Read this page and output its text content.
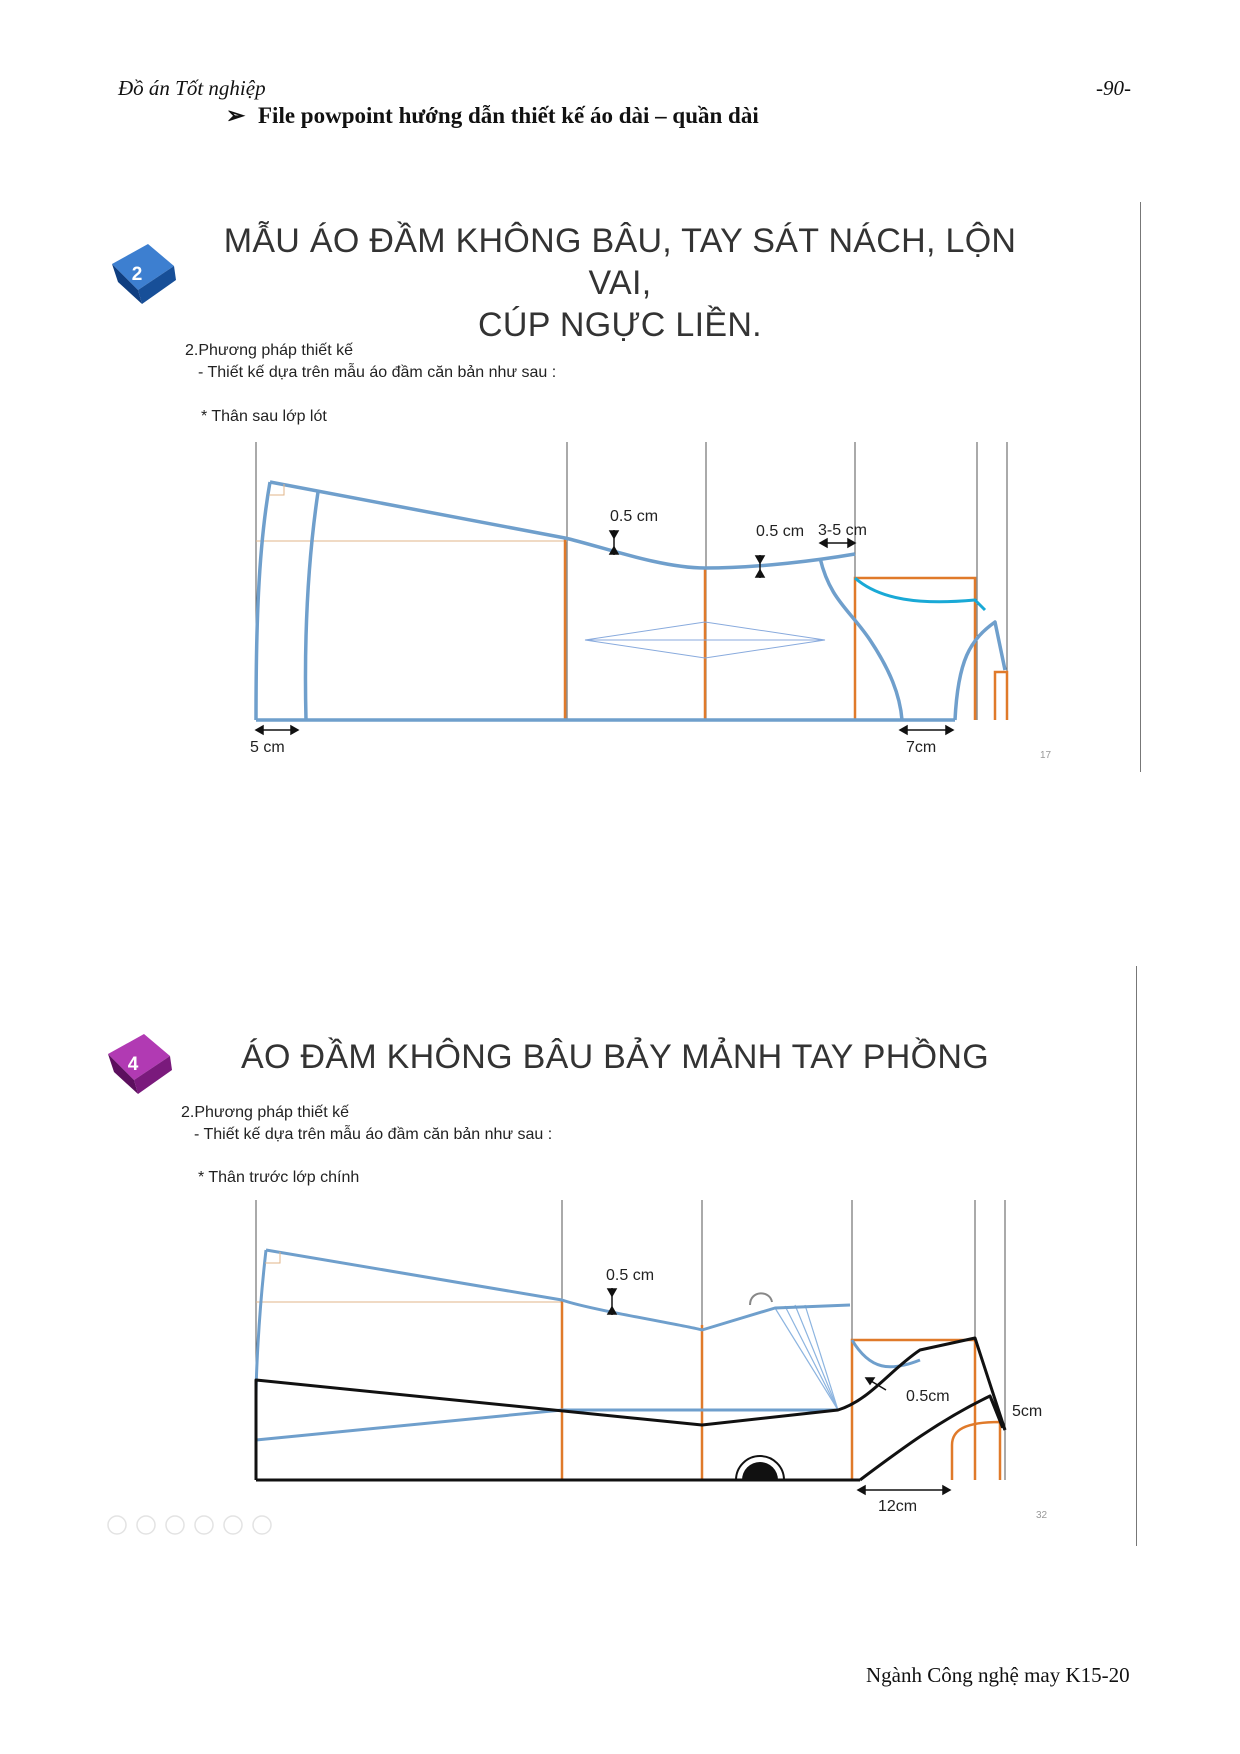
Đồ án Tốt nghiệp	-90-
➢ File powpoint hướng dẫn thiết kế áo dài – quần dài
2
MẪU ÁO ĐẦM KHÔNG BÂU, TAY SÁT NÁCH, LỘN VAI,
CÚP NGỰC LIỀN.
2.Phương pháp thiết kế
- Thiết kế dựa trên mẫu áo đầm căn bản như sau :
* Thân sau lớp lót
0.5 cm
0.5 cm 3-5 cm
5 cm	7cm	17
4	ÁO ĐẦM KHÔNG BÂU BẢY MẢNH TAY PHỒNG
2.Phương pháp thiết kế
- Thiết kế dựa trên mẫu áo đầm căn bản như sau :
* Thân trước lớp chính
0.5 cm
0.5cm
5cm
12cm
32
Ngành Công nghệ may K15-20
